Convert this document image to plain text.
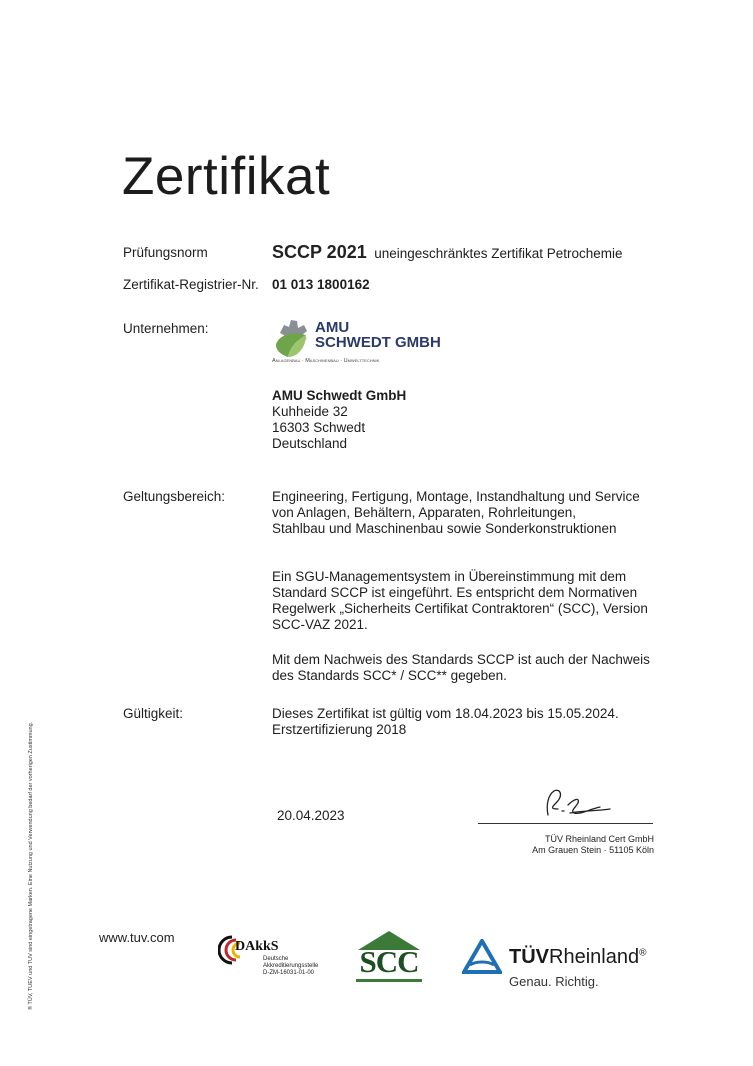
Zertifikat
Prüfungsnorm	SCCP 2021 uneingeschränktes Zertifikat Petrochemie
Zertifikat-Registrier-Nr. 01 013 1800162
Unternehmen:	AMU
SCHWEDT GMBH
Anlagenbau · Maschinenbau · Umwelttechnik
AMU Schwedt GmbH
Kuhheide 32
16303 Schwedt
Deutschland
Geltungsbereich:	Engineering, Fertigung, Montage, Instandhaltung und Service
von Anlagen, Behältern, Apparaten, Rohrleitungen,
Stahlbau und Maschinenbau sowie Sonderkonstruktionen
Ein SGU-Managementsystem in Übereinstimmung mit dem
Standard SCCP ist eingeführt. Es entspricht dem Normativen
Regelwerk „Sicherheits Certifikat Contraktoren“ (SCC), Version
SCC-VAZ 2021.
Mit dem Nachweis des Standards SCCP ist auch der Nachweis
des Standards SCC* / SCC** gegeben.
Gültigkeit:	Dieses Zertifikat ist gültig vom 18.04.2023 bis 15.05.2024.
Erstzertifizierung 2018
20.04.2023
TÜV Rheinland Cert GmbH
Am Grauen Stein · 51105 Köln
www.tuv.com
DAkkS
Deutsche
Akkreditierungsstelle
D-ZM-16031-01-00 SCC	TÜVRheinland®
Genau. Richtig.
® TÜV, TUEV und TUV sind eingetragene Marken. Eine Nutzung und Verwendung bedarf der vorherigen Zustimmung.
